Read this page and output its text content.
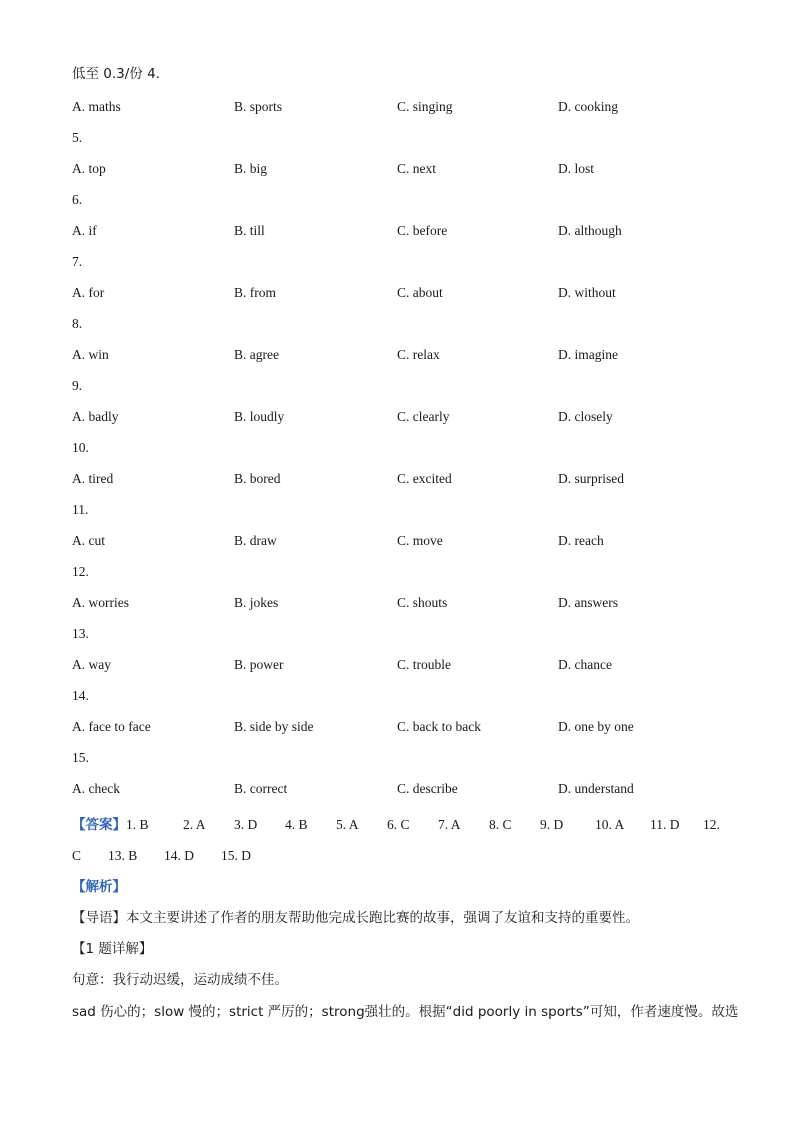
低至 0.3/份 4.
A. maths	B. sports	C. singing	D. cooking
5.
A. top	B. big	C. next	D. lost
6.
A. if	B. till	C. before	D. although
7.
A. for	B. from	C. about	D. without
8.
A. win	B. agree	C. relax	D. imagine
9.
A. badly	B. loudly	C. clearly	D. closely
10.
A. tired	B. bored	C. excited	D. surprised
11.
A. cut	B. draw	C. move	D. reach
12.
A. worries	B. jokes	C. shouts	D. answers
13.
A. way	B. power	C. trouble	D. chance
14.
A. face to face	B. side by side	C. back to back	D. one by one
15.
A. check	B. correct	C. describe	D. understand
【答案】1. B	2. A 3. D 4. B 5. A 6. C 7. A 8. C 9. D 10. A 11. D 12.
C 13. B 14. D 15. D
【解析】
【导语】本文主要讲述了作者的朋友帮助他完成长跑比赛的故事，强调了友谊和支持的重要性。
【1 题详解】
句意：我行动迟缓，运动成绩不佳。
sad 伤心的；slow 慢的；strict 严厉的；strong强壮的。根据“did poorly in sports”可知，作者速度慢。故选
